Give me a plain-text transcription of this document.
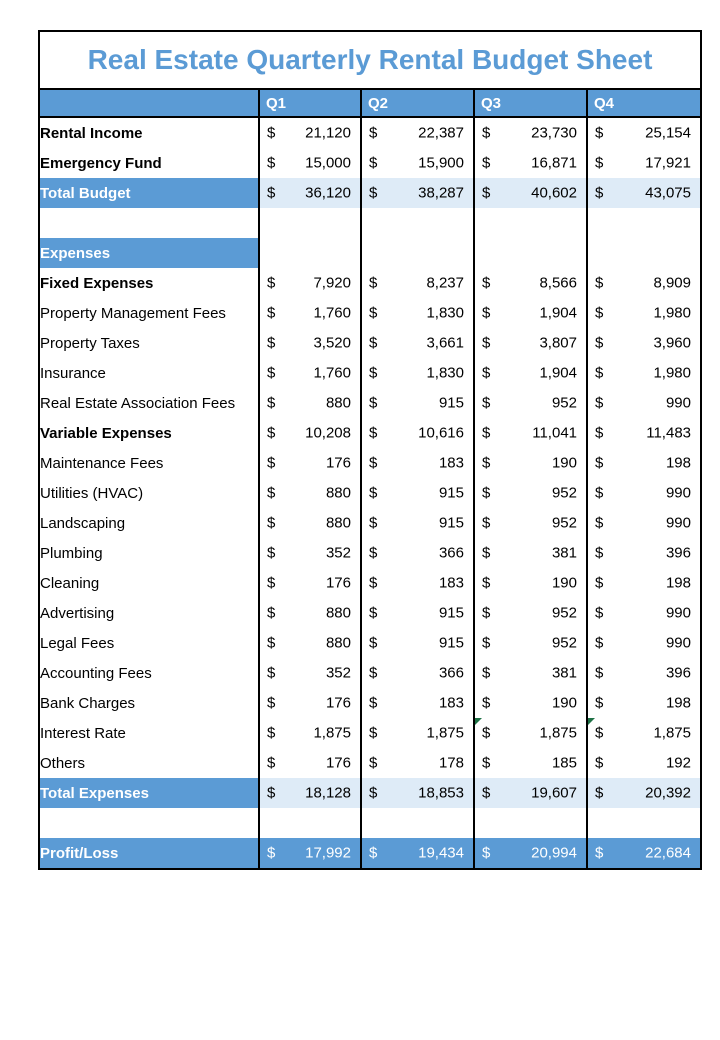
Real Estate Quarterly Rental Budget Sheet
	Q1	Q2	Q3	Q4
Rental Income	$ 21,120	$ 22,387	$ 23,730	$ 25,154

Emergency Fund	$ 15,000	$ 15,900	$ 16,871	$ 17,921

Total Budget	$ 36,120	$ 38,287	$ 40,602	$ 43,075

Expenses				
Fixed Expenses	$ 7,920	$ 8,237	$ 8,566	$ 8,909

Property Management Fees	$ 1,760	$ 1,830	$ 1,904	$ 1,980

Property Taxes	$ 3,520	$ 3,661	$ 3,807	$ 3,960

Insurance	$ 1,760	$ 1,830	$ 1,904	$ 1,980

Real Estate Association Fees	$ 880	$ 915	$ 952	$ 990

Variable Expenses	$ 10,208	$ 10,616	$ 11,041	$ 11,483

Maintenance Fees	$ 176	$ 183	$ 190	$ 198

Utilities (HVAC)	$ 880	$ 915	$ 952	$ 990

Landscaping	$ 880	$ 915	$ 952	$ 990

Plumbing	$ 352	$ 366	$ 381	$ 396

Cleaning	$ 176	$ 183	$ 190	$ 198

Advertising	$ 880	$ 915	$ 952	$ 990

Legal Fees	$ 880	$ 915	$ 952	$ 990

Accounting Fees	$ 352	$ 366	$ 381	$ 396

Bank Charges	$ 176	$ 183	$ 190	$ 198

Interest Rate	$ 1,875	$ 1,875	$ 1,875	$ 1,875

Others	$ 176	$ 178	$ 185	$ 192

Total Expenses	$ 18,128	$ 18,853	$ 19,607	$ 20,392

Profit/Loss	$ 17,992	$ 19,434	$ 20,994	$ 22,684
